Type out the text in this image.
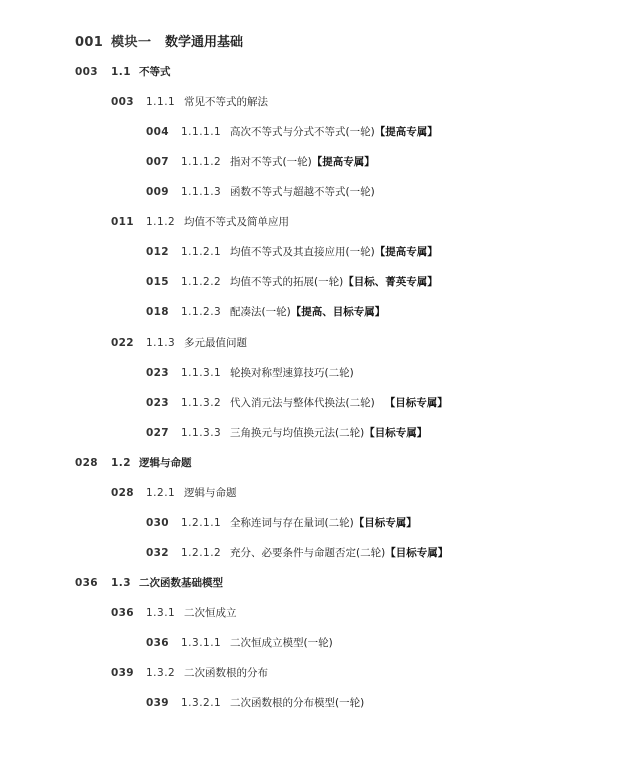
001 模块一 数学通用基础
003 1.1 不等式
003 1.1.1 常见不等式的解法
004 1.1.1.1 高次不等式与分式不等式(一轮)【提高专属】
007 1.1.1.2 指对不等式(一轮)【提高专属】
009 1.1.1.3 函数不等式与超越不等式(一轮)
011 1.1.2 均值不等式及简单应用
012 1.1.2.1 均值不等式及其直接应用(一轮)【提高专属】
015 1.1.2.2 均值不等式的拓展(一轮)【目标、菁英专属】
018 1.1.2.3 配凑法(一轮)【提高、目标专属】
022 1.1.3 多元最值问题
023 1.1.3.1 轮换对称型速算技巧(二轮)
023 1.1.3.2 代入消元法与整体代换法(二轮) 【目标专属】
027 1.1.3.3 三角换元与均值换元法(二轮)【目标专属】
028 1.2 逻辑与命题
028 1.2.1 逻辑与命题
030 1.2.1.1 全称连词与存在量词(二轮)【目标专属】
032 1.2.1.2 充分、必要条件与命题否定(二轮)【目标专属】
036 1.3 二次函数基础模型
036 1.3.1 二次恒成立
036 1.3.1.1 二次恒成立模型(一轮)
039 1.3.2 二次函数根的分布
039 1.3.2.1 二次函数根的分布模型(一轮)
